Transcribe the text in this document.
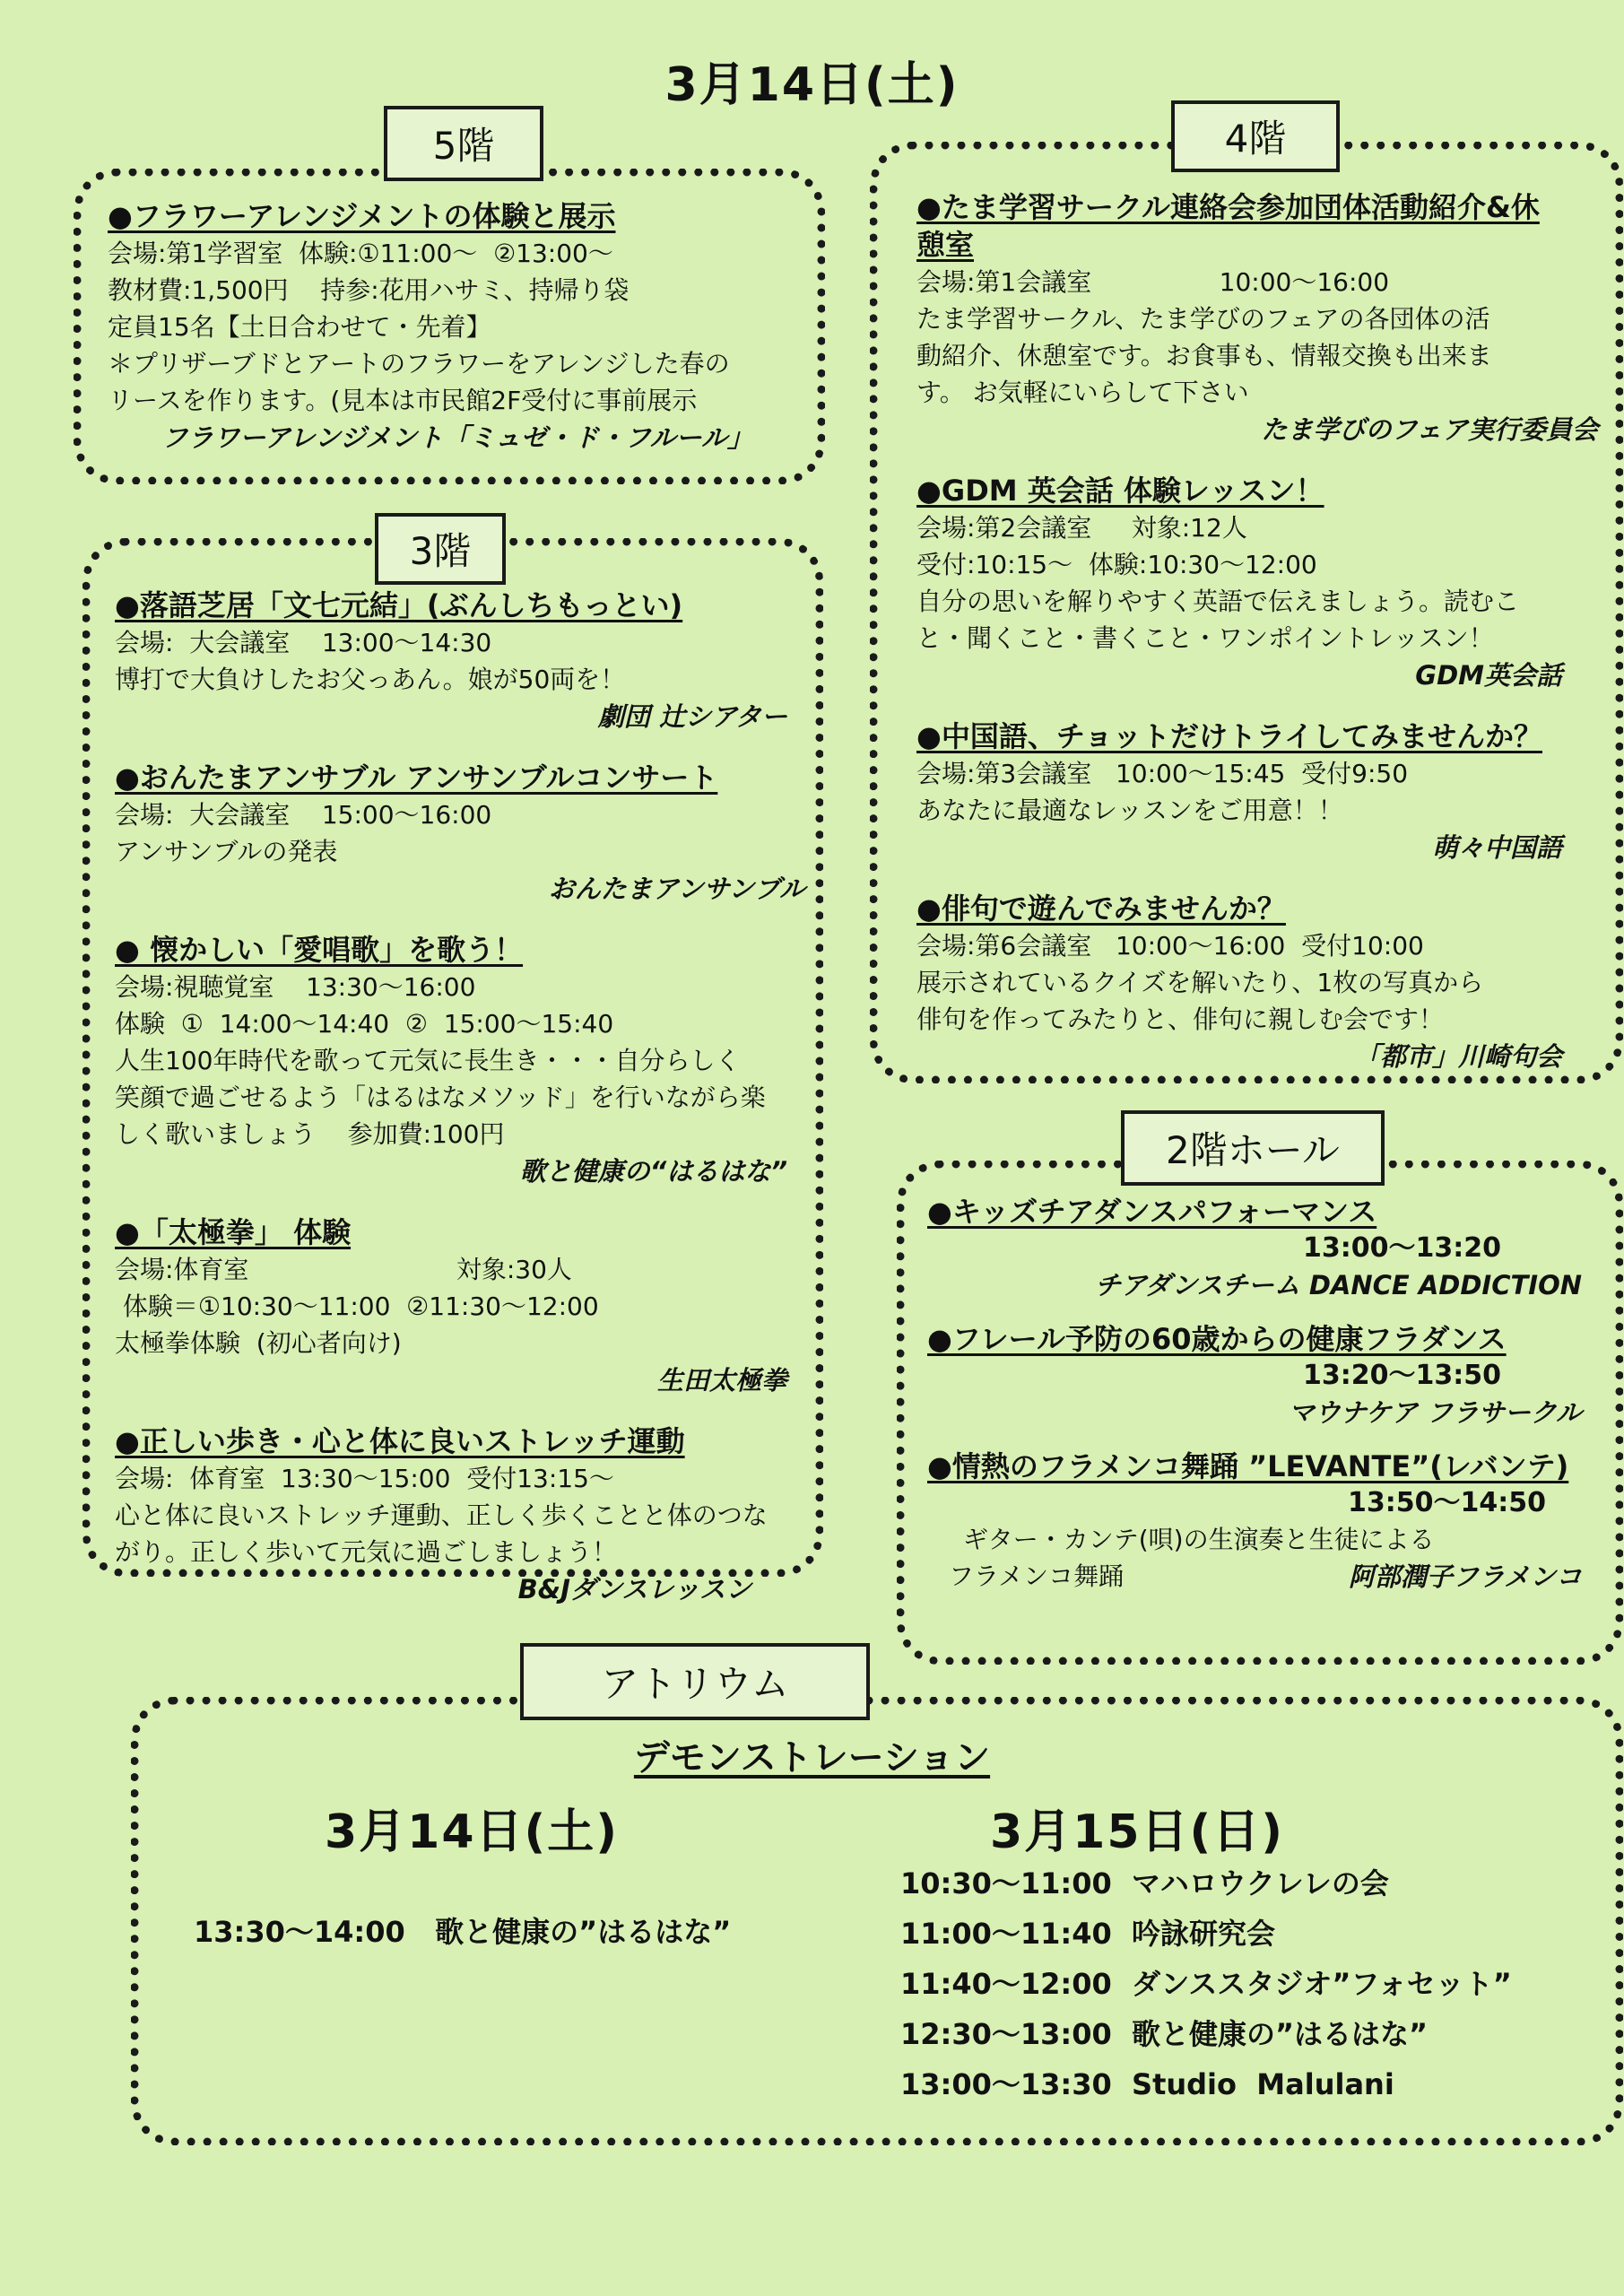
3月14日(土)
5階
●フラワーアレンジメントの体験と展示
会場:第1学習室  体験:①11:00〜  ②13:00〜
教材費:1,500円    持参:花用ハサミ、持帰り袋
定員15名【土日合わせて・先着】
＊プリザーブドとアートのフラワーをアレンジした春の
リースを作ります。(見本は市民館2F受付に事前展示
フラワーアレンジメント「ミュゼ・ド・フルール」
3階
●落語芝居「文七元結」(ぶんしちもっとい)
会場:  大会議室    13:00〜14:30
博打で大負けしたお父っあん。娘が50両を！
劇団 辻シアター
●おんたまアンサブル アンサンブルコンサート
会場:  大会議室    15:00〜16:00
アンサンブルの発表
おんたまアンサンブル
● 懐かしい「愛唱歌」を歌う！
会場:視聴覚室    13:30〜16:00
体験  ①  14:00〜14:40  ②  15:00〜15:40
人生100年時代を歌って元気に長生き・・・自分らしく
笑顔で過ごせるよう「はるはなメソッド」を行いながら楽
しく歌いましょう    参加費:100円
歌と健康の“はるはな”
●「太極拳」 体験
会場:体育室                          対象:30人
体験＝①10:30〜11:00  ②11:30〜12:00
太極拳体験  (初心者向け)
生田太極拳
●正しい歩き・心と体に良いストレッチ運動
会場:  体育室  13:30〜15:00  受付13:15〜
心と体に良いストレッチ運動、正しく歩くことと体のつな
がり。正しく歩いて元気に過ごしましょう！
B&Jダンスレッスン
4階
●たま学習サークル連絡会参加団体活動紹介&休憩室
会場:第1会議室                10:00〜16:00
たま学習サークル、たま学びのフェアの各団体の活
動紹介、休憩室です。お食事も、情報交換も出来ま
す。 お気軽にいらして下さい
たま学びのフェア実行委員会
●GDM 英会話 体験レッスン！
会場:第2会議室     対象:12人
受付:10:15〜  体験:10:30〜12:00
自分の思いを解りやすく英語で伝えましょう。読むこ
と・聞くこと・書くこと・ワンポイントレッスン！
GDM英会話
●中国語、チョットだけトライしてみませんか？
会場:第3会議室   10:00〜15:45  受付9:50
あなたに最適なレッスンをご用意！！
萌々中国語
●俳句で遊んでみませんか？
会場:第6会議室   10:00〜16:00  受付10:00
展示されているクイズを解いたり、1枚の写真から
俳句を作ってみたりと、俳句に親しむ会です！
「都市」川崎句会
2階ホール
●キッズチアダンスパフォーマンス
13:00〜13:20
チアダンスチーム DANCE ADDICTION
●フレール予防の60歳からの健康フラダンス
13:20〜13:50
マウナケア フラサークル
●情熱のフラメンコ舞踊 ”LEVANTE”(レバンテ)
13:50〜14:50
ギター・カンテ(唄)の生演奏と生徒による
フラメンコ舞踊	阿部潤子フラメンコ
アトリウム
デモンストレーション
3月14日(土)
13:30〜14:00 歌と健康の”はるはな”
3月15日(日)
10:30〜11:00 マハロウクレレの会
11:00〜11:40 吟詠研究会
11:40〜12:00 ダンススタジオ”フォセット”
12:30〜13:00 歌と健康の”はるはな”
13:00〜13:30 Studio  Malulani
